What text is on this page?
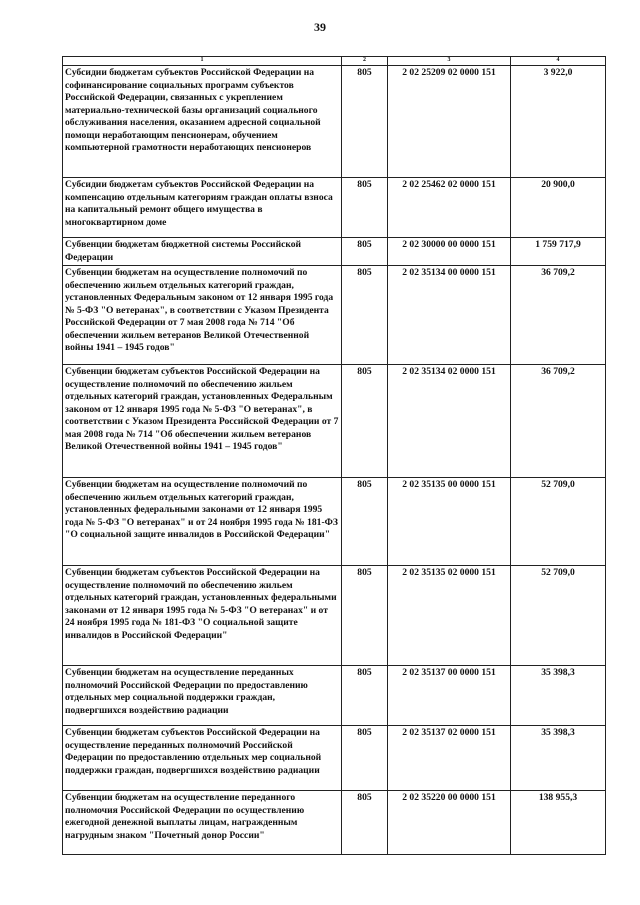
39
1	2	3	4
Субсидии бюджетам субъектов Российской Федерации на софинансирование социальных программ субъектов Российской Федерации, связанных с укреплением материально-технической базы организаций социального обслуживания населения, оказанием адресной социальной помощи неработающим пенсионерам, обучением компьютерной грамотности неработающих пенсионеров	805	2 02 25209 02 0000 151	3 922,0
Субсидии бюджетам субъектов Российской Федерации на компенсацию отдельным категориям граждан оплаты взноса на капитальный ремонт общего имущества в многоквартирном доме	805	2 02 25462 02 0000 151	20 900,0
Субвенции бюджетам бюджетной системы Российской Федерации	805	2 02 30000 00 0000 151	1 759 717,9
Субвенции бюджетам на осуществление полномочий по обеспечению жильем отдельных категорий граждан, установленных Федеральным законом от 12 января 1995 года № 5-ФЗ "О ветеранах", в соответствии с Указом Президента Российской Федерации от 7 мая 2008 года № 714 "Об обеспечении жильем ветеранов Великой Отечественной войны 1941 – 1945 годов"	805	2 02 35134 00 0000 151	36 709,2
Субвенции бюджетам субъектов Российской Федерации на осуществление полномочий по обеспечению жильем отдельных категорий граждан, установленных Федеральным законом от 12 января 1995 года № 5-ФЗ "О ветеранах", в соответствии с Указом Президента Российской Федерации от 7 мая 2008 года № 714 "Об обеспечении жильем ветеранов Великой Отечественной войны 1941 – 1945 годов"	805	2 02 35134 02 0000 151	36 709,2
Субвенции бюджетам на осуществление полномочий по обеспечению жильем отдельных категорий граждан, установленных федеральными законами от 12 января 1995 года № 5-ФЗ "О ветеранах" и от 24 ноября 1995 года № 181-ФЗ "О социальной защите инвалидов в Российской Федерации"	805	2 02 35135 00 0000 151	52 709,0
Субвенции бюджетам субъектов Российской Федерации на осуществление полномочий по обеспечению жильем отдельных категорий граждан, установленных федеральными законами от 12 января 1995 года № 5-ФЗ "О ветеранах" и от 24 ноября 1995 года № 181-ФЗ "О социальной защите инвалидов в Российской Федерации"	805	2 02 35135 02 0000 151	52 709,0
Субвенции бюджетам на осуществление переданных полномочий Российской Федерации по предоставлению отдельных мер социальной поддержки граждан, подвергшихся воздействию радиации	805	2 02 35137 00 0000 151	35 398,3
Субвенции бюджетам субъектов Российской Федерации на осуществление переданных полномочий Российской Федерации по предоставлению отдельных мер социальной поддержки граждан, подвергшихся воздействию радиации	805	2 02 35137 02 0000 151	35 398,3
Субвенции бюджетам на осуществление переданного полномочия Российской Федерации по осуществлению ежегодной денежной выплаты лицам, награжденным нагрудным знаком "Почетный донор России"	805	2 02 35220 00 0000 151	138 955,3
